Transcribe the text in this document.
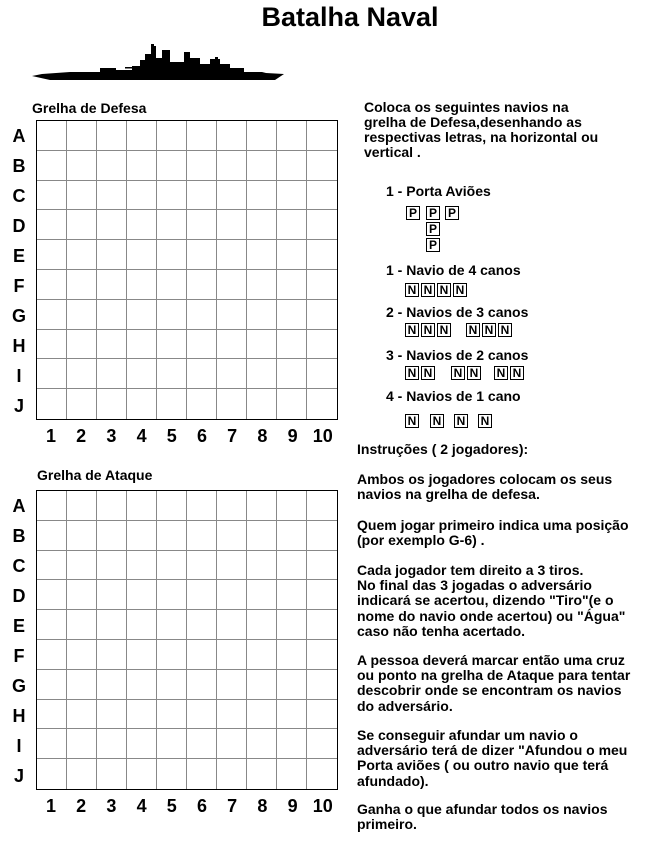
Batalha Naval
Grelha de Defesa
A
B
C
D
E
F
G
H
I
J
1	2	3	4	5	6	7	8	9 10
Grelha de Ataque
A
B
C
D
E
F
G
H
I
J
1	2	3	4	5	6	7	8	9 10
Coloca os seguintes navios na
grelha de Defesa,desenhando as
respectivas letras, na horizontal ou
vertical .
1 - Porta Aviões
P P P
P
P
1 - Navio de 4 canos
N N N N
2 - Navios de 3 canos
N N N N N N
3 - Navios de 2 canos
N N N N N N
4 - Navios de 1 cano
N N N N
Instruções ( 2 jogadores):
Ambos os jogadores colocam os seus
navios na grelha de defesa.
Quem jogar primeiro indica uma posição
(por exemplo G-6) .
Cada jogador tem direito a 3 tiros.
No final das 3 jogadas o adversário
indicará se acertou, dizendo "Tiro"(e o
nome do navio onde acertou) ou "Água"
caso não tenha acertado.
A pessoa deverá marcar então uma cruz
ou ponto na grelha de Ataque para tentar
descobrir onde se encontram os navios
do adversário.
Se conseguir afundar um navio o
adversário terá de dizer "Afundou o meu
Porta aviões ( ou outro navio que terá
afundado).
Ganha o que afundar todos os navios
primeiro.
